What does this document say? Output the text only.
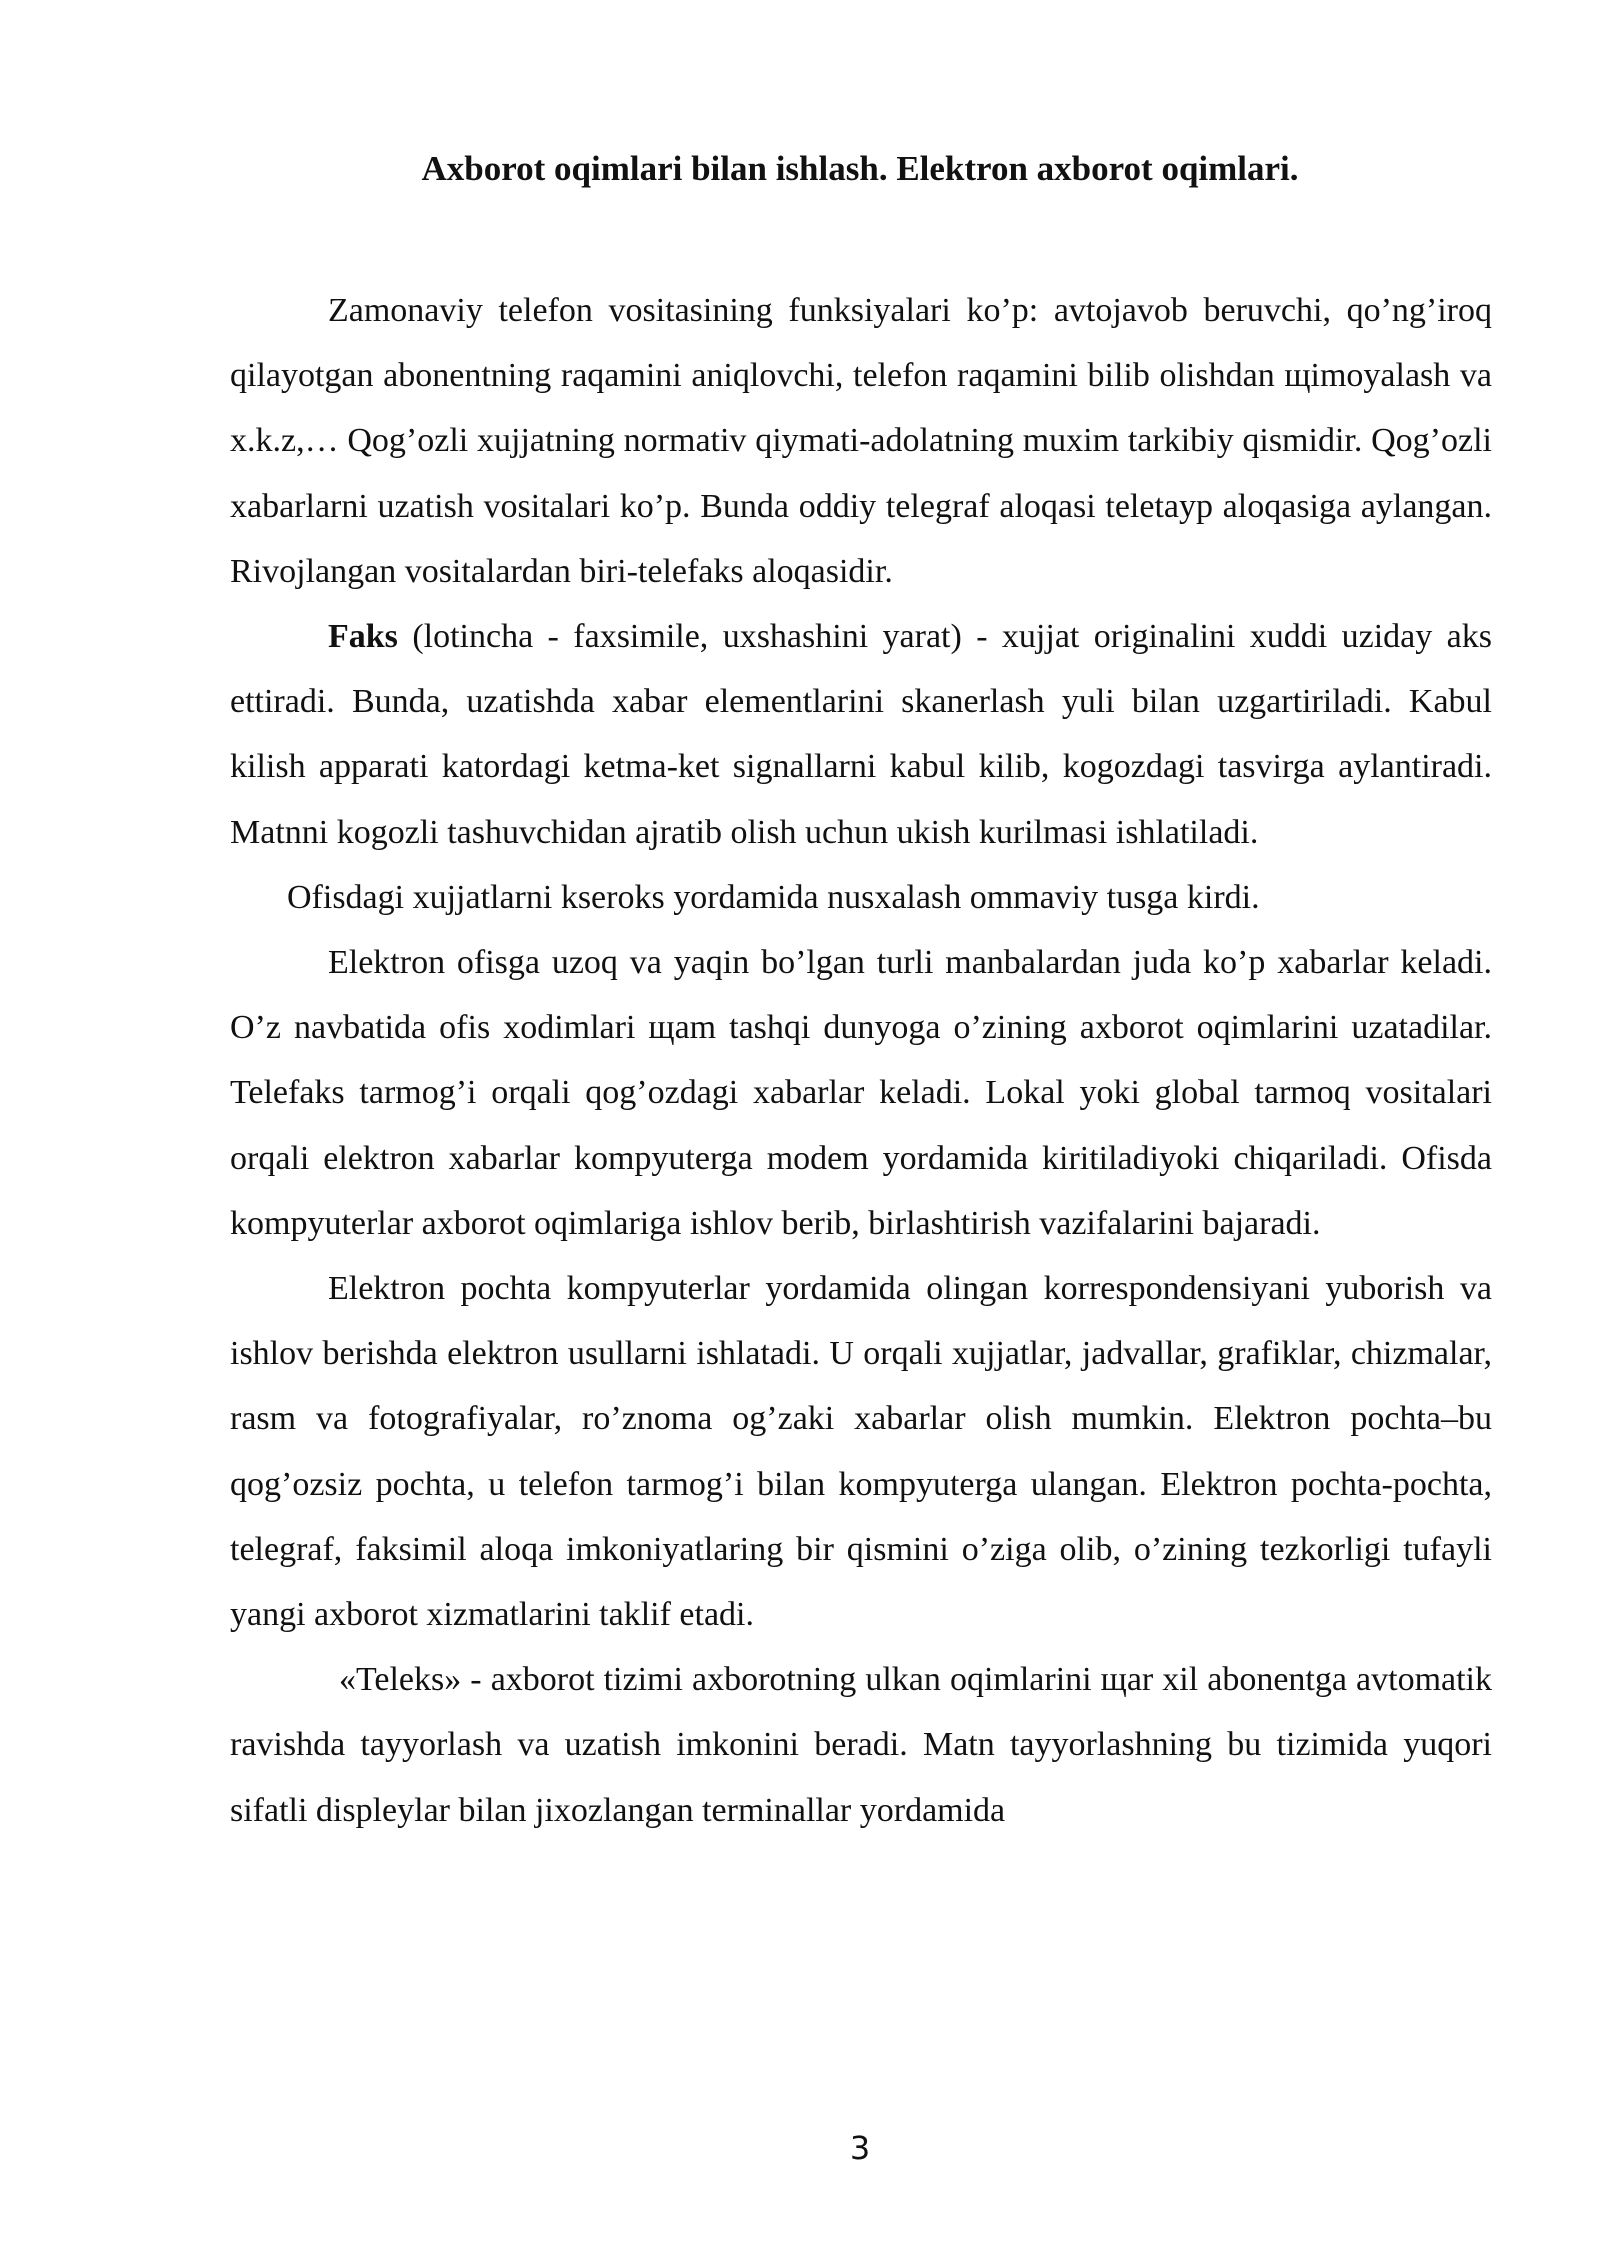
Axborot oqimlari bilan ishlash. Elektron axborot oqimlari.

Zamonaviy telefon vositasining funksiyalari ko’p: avtojavob beruvchi, qo’ng’iroq qilayotgan abonentning raqamini aniqlovchi, telefon raqamini bilib olishdan щimoyalash va x.k.z,… Qog’ozli xujjatning normativ qiymati-adolatning muxim tarkibiy qismidir. Qog’ozli xabarlarni uzatish vositalari ko’p. Bunda oddiy telegraf aloqasi teletayp aloqasiga aylangan. Rivojlangan vositalardan biri-telefaks aloqasidir.

Faks (lotincha - faxsimile, uxshashini yarat) - xujjat originalini xuddi uziday aks ettiradi. Bunda, uzatishda xabar elementlarini skanerlash yuli bilan uzgartiriladi. Kabul kilish apparati katordagi ketma-ket signallarni kabul kilib, kogozdagi tasvirga aylantiradi. Matnni kogozli tashuvchidan ajratib olish uchun ukish kurilmasi ishlatiladi.

Ofisdagi xujjatlarni kseroks yordamida nusxalash ommaviy tusga kirdi.

Elektron ofisga uzoq va yaqin bo’lgan turli manbalardan juda ko’p xabarlar keladi. O’z navbatida ofis xodimlari щam tashqi dunyoga o’zining axborot oqimlarini uzatadilar. Telefaks tarmog’i orqali qog’ozdagi xabarlar keladi. Lokal yoki global tarmoq vositalari orqali elektron xabarlar kompyuterga modem yordamida kiritiladiyoki chiqariladi. Ofisda kompyuterlar axborot oqimlariga ishlov berib, birlashtirish vazifalarini bajaradi.

Elektron pochta kompyuterlar yordamida olingan korrespondensiyani yuborish va ishlov berishda elektron usullarni ishlatadi. U orqali xujjatlar, jadvallar, grafiklar, chizmalar, rasm va fotografiyalar, ro’znoma og’zaki xabarlar olish mumkin. Elektron pochta–bu qog’ozsiz pochta, u telefon tarmog’i bilan kompyuterga ulangan. Elektron pochta-pochta, telegraf, faksimil aloqa imkoniyatlaring bir qismini o’ziga olib, o’zining tezkorligi tufayli yangi axborot xizmatlarini taklif etadi.

«Teleks» - axborot tizimi axborotning ulkan oqimlarini щar xil abonentga avtomatik ravishda tayyorlash va uzatish imkonini beradi. Matn tayyorlashning bu tizimida yuqori sifatli displeylar bilan jixozlangan terminallar yordamida

3
